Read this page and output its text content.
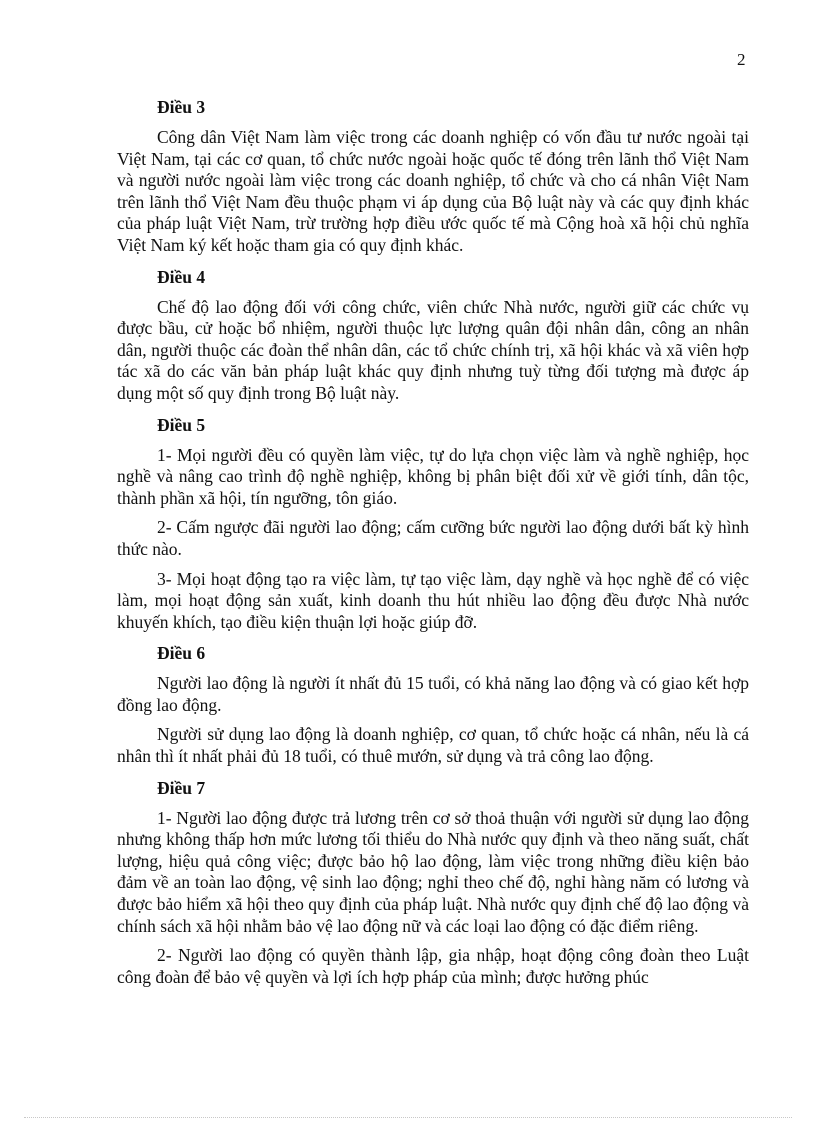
2
Điều 3

Công dân Việt Nam làm việc trong các doanh nghiệp có vốn đầu tư nước ngoài tại Việt Nam, tại các cơ quan, tổ chức nước ngoài hoặc quốc tế đóng trên lãnh thổ Việt Nam và người nước ngoài làm việc trong các doanh nghiệp, tổ chức và cho cá nhân Việt Nam trên lãnh thổ Việt Nam đều thuộc phạm vi áp dụng của Bộ luật này và các quy định khác của pháp luật Việt Nam, trừ trường hợp điều ước quốc tế mà Cộng hoà xã hội chủ nghĩa Việt Nam ký kết hoặc tham gia có quy định khác.

Điều 4

Chế độ lao động đối với công chức, viên chức Nhà nước, người giữ các chức vụ được bầu, cử hoặc bổ nhiệm, người thuộc lực lượng quân đội nhân dân, công an nhân dân, người thuộc các đoàn thể nhân dân, các tổ chức chính trị, xã hội khác và xã viên hợp tác xã do các văn bản pháp luật khác quy định nhưng tuỳ từng đối tượng mà được áp dụng một số quy định trong Bộ luật này.

Điều 5

1- Mọi người đều có quyền làm việc, tự do lựa chọn việc làm và nghề nghiệp, học nghề và nâng cao trình độ nghề nghiệp, không bị phân biệt đối xử về giới tính, dân tộc, thành phần xã hội, tín ngưỡng, tôn giáo.

2- Cấm ngược đãi người lao động; cấm cưỡng bức người lao động dưới bất kỳ hình thức nào.

3- Mọi hoạt động tạo ra việc làm, tự tạo việc làm, dạy nghề và học nghề để có việc làm, mọi hoạt động sản xuất, kinh doanh thu hút nhiều lao động đều được Nhà nước khuyến khích, tạo điều kiện thuận lợi hoặc giúp đỡ.

Điều 6

Người lao động là người ít nhất đủ 15 tuổi, có khả năng lao động và có giao kết hợp đồng lao động.

Người sử dụng lao động là doanh nghiệp, cơ quan, tổ chức hoặc cá nhân, nếu là cá nhân thì ít nhất phải đủ 18 tuổi, có thuê mướn, sử dụng và trả công lao động.

Điều 7

1- Người lao động được trả lương trên cơ sở thoả thuận với người sử dụng lao động nhưng không thấp hơn mức lương tối thiểu do Nhà nước quy định và theo năng suất, chất lượng, hiệu quả công việc; được bảo hộ lao động, làm việc trong những điều kiện bảo đảm về an toàn lao động, vệ sinh lao động; nghỉ theo chế độ, nghỉ hàng năm có lương và được bảo hiểm xã hội theo quy định của pháp luật. Nhà nước quy định chế độ lao động và chính sách xã hội nhằm bảo vệ lao động nữ và các loại lao động có đặc điểm riêng.

2- Người lao động có quyền thành lập, gia nhập, hoạt động công đoàn theo Luật công đoàn để bảo vệ quyền và lợi ích hợp pháp của mình; được hưởng phúc
